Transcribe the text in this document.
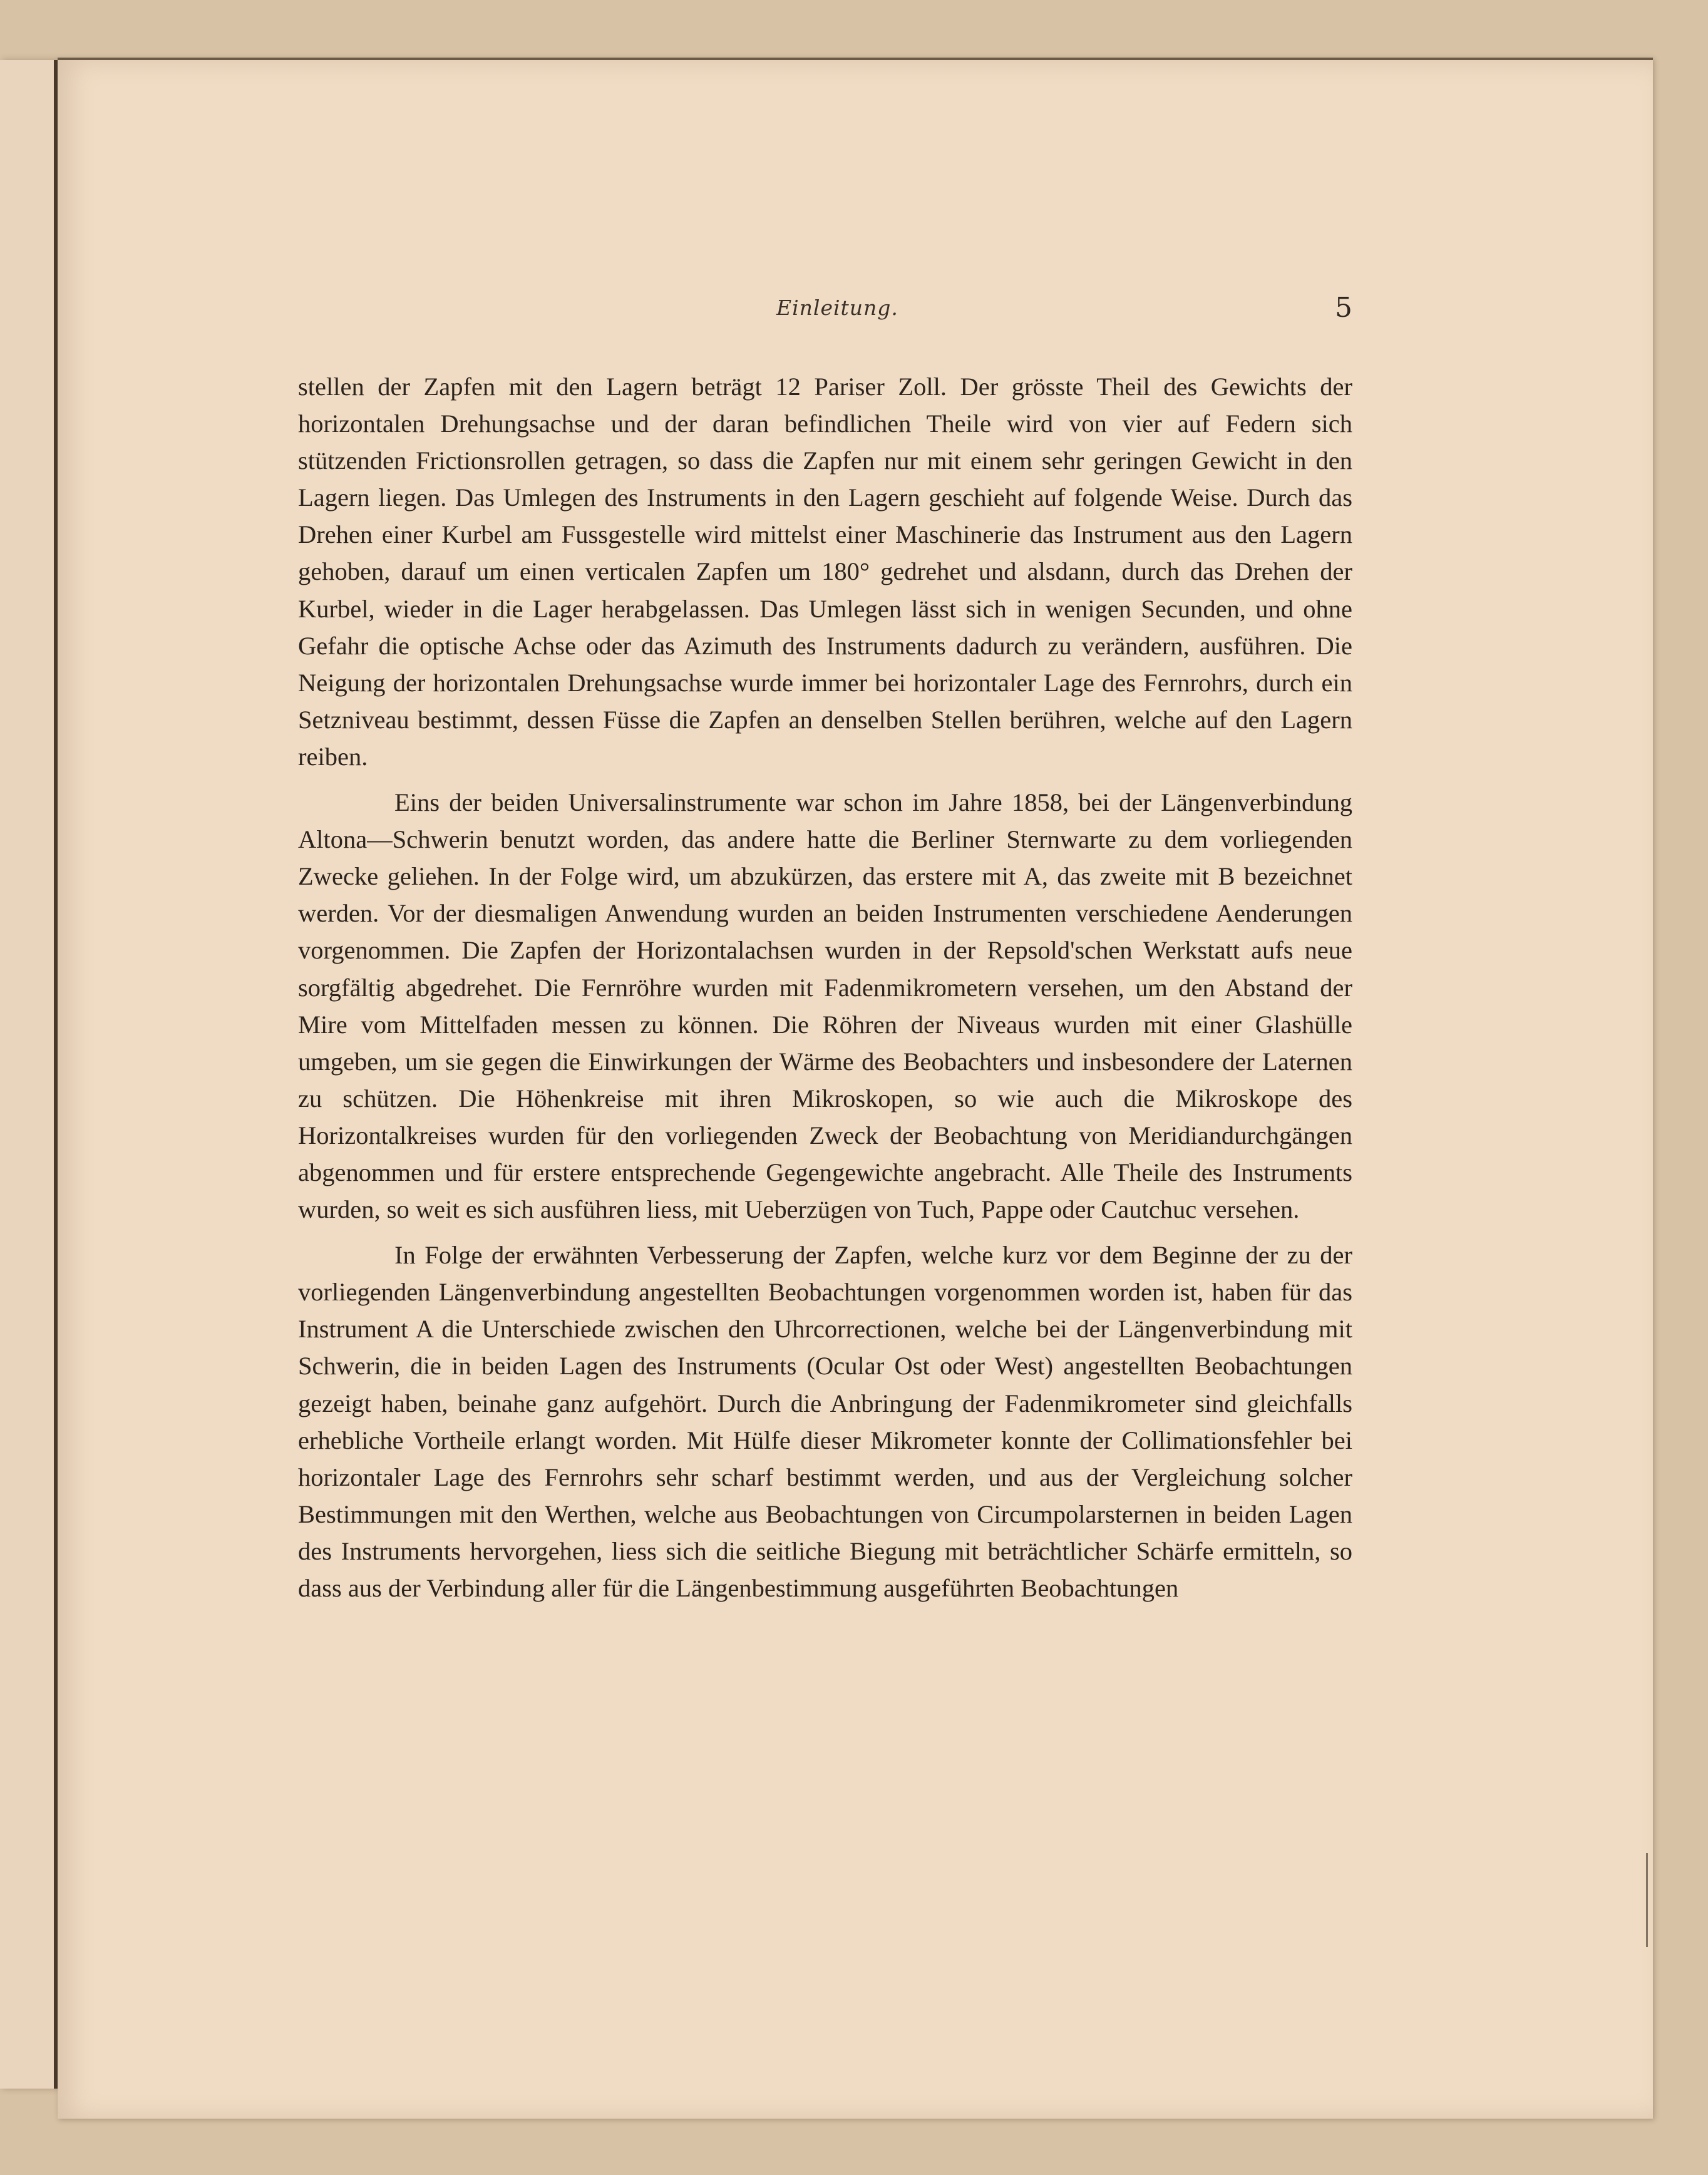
Einleitung.	5

stellen der Zapfen mit den Lagern beträgt 12 Pariser Zoll. Der grösste Theil des Gewichts der horizontalen Drehungsachse und der daran befindlichen Theile wird von vier auf Federn sich stützenden Frictionsrollen getragen, so dass die Zapfen nur mit einem sehr geringen Gewicht in den Lagern liegen. Das Umlegen des Instruments in den Lagern geschieht auf folgende Weise. Durch das Drehen einer Kurbel am Fussgestelle wird mittelst einer Maschinerie das Instrument aus den Lagern gehoben, darauf um einen verticalen Zapfen um 180° gedrehet und alsdann, durch das Drehen der Kurbel, wieder in die Lager herabgelassen. Das Umlegen lässt sich in wenigen Secunden, und ohne Gefahr die optische Achse oder das Azimuth des Instruments dadurch zu verändern, ausführen. Die Neigung der horizontalen Drehungsachse wurde immer bei horizontaler Lage des Fernrohrs, durch ein Setzniveau bestimmt, dessen Füsse die Zapfen an denselben Stellen berühren, welche auf den Lagern reiben.

Eins der beiden Universalinstrumente war schon im Jahre 1858, bei der Längenverbindung Altona—Schwerin benutzt worden, das andere hatte die Berliner Sternwarte zu dem vorliegenden Zwecke geliehen. In der Folge wird, um abzukürzen, das erstere mit A, das zweite mit B bezeichnet werden. Vor der diesmaligen Anwendung wurden an beiden Instrumenten verschiedene Aenderungen vorgenommen. Die Zapfen der Horizontalachsen wurden in der Repsold'schen Werkstatt aufs neue sorgfältig abgedrehet. Die Fernröhre wurden mit Fadenmikrometern versehen, um den Abstand der Mire vom Mittelfaden messen zu können. Die Röhren der Niveaus wurden mit einer Glashülle umgeben, um sie gegen die Einwirkungen der Wärme des Beobachters und insbesondere der Laternen zu schützen. Die Höhenkreise mit ihren Mikroskopen, so wie auch die Mikroskope des Horizontalkreises wurden für den vorliegenden Zweck der Beobachtung von Meridiandurchgängen abgenommen und für erstere entsprechende Gegengewichte angebracht. Alle Theile des Instruments wurden, so weit es sich ausführen liess, mit Ueberzügen von Tuch, Pappe oder Cautchuc versehen.

In Folge der erwähnten Verbesserung der Zapfen, welche kurz vor dem Beginne der zu der vorliegenden Längenverbindung angestellten Beobachtungen vorgenommen worden ist, haben für das Instrument A die Unterschiede zwischen den Uhrcorrectionen, welche bei der Längenverbindung mit Schwerin, die in beiden Lagen des Instruments (Ocular Ost oder West) angestellten Beobachtungen gezeigt haben, beinahe ganz aufgehört. Durch die Anbringung der Fadenmikrometer sind gleichfalls erhebliche Vortheile erlangt worden. Mit Hülfe dieser Mikrometer konnte der Collimationsfehler bei horizontaler Lage des Fernrohrs sehr scharf bestimmt werden, und aus der Vergleichung solcher Bestimmungen mit den Werthen, welche aus Beobachtungen von Circumpolarsternen in beiden Lagen des Instruments hervorgehen, liess sich die seitliche Biegung mit beträchtlicher Schärfe ermitteln, so dass aus der Verbindung aller für die Längenbestimmung ausgeführten Beobachtungen
